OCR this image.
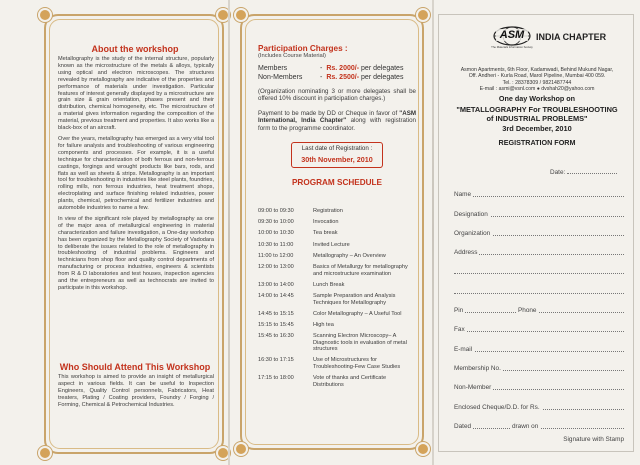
About the workshop

Metallography is the study of the internal structure, popularly known as the microstructure of the metals & alloys, typically using optical and electron microscopes. The structures revealed by metallography are indicative of the properties and performance of materials under investigation. Particular features of interest generally displayed by a microstructure are grain size & grain orientation, phases present and their distribution, chemical homogeneity, etc. The microstructure of a material gives information regarding the composition of the material, previous treatment and properties. It also works like a black-box of an aircraft.

Over the years, metallography has emerged as a very vital tool for failure analysis and troubleshooting of various engineering components and processes. For example, it is a useful technique for characterization of both ferrous and non-ferrous castings, forgings and wrought products like bars, rods, and flats as well as sheets & strips. Metallography is an important tool for troubleshooting in industries like steel plants, foundries, rolling mills, non ferrous industries, heat treatment shops, electroplating and surface finishing related industries, power plants, chemical, petrochemical and fertilizer industries and automobile industries to name a few.

In view of the significant role played by metallography as one of the major area of metallurgical engineering in material characterization and failure investigation, a One-day workshop has been organized by the Metallography Society of Vadodara to deliberate the issues related to the role of metallography in troubleshooting of industrial problems. Engineers and technicians from shop floor and quality control departments of manufacturing or process industries, engineers & scientists from R & D laboratories and test houses, inspection agencies and the entrepreneurs as well as technocrats are invited to participate in this workshop.

Who Should Attend This Workshop
This workshop is aimed to provide an insight of metallurgical aspect in various fields. It can be useful to Inspection Engineers, Quality Control personnels, Fabricators, Heat treaters, Plating / Coating providers, Foundry / Forging / Forming, Chemical & Petrochemical Industries.
Participation Charges :
(Includes Course Material)
Members	- Rs. 2000/- per delegates
Non-Members	- Rs. 2500/- per delegates
(Organization nominating 3 or more delegates shall be offered 10% discount in participation charges.)
Payment to be made by DD or Cheque in favor of "ASM International, India Chapter" along with registration form to the programme coordinator.
Last date of Registration :
30th November, 2010
PROGRAM SCHEDULE
09:00 to 09:30	Registration
09:30 to 10:00	Invocation
10:00 to 10:30	Tea break
10:30 to 11:00	Invited Lecture
11:00 to 12:00	Metallography – An Overview
12:00 to 13:00	Basics of Metallurgy for metallography and microstructure examination
13:00 to 14:00	Lunch Break
14:00 to 14:45	Sample Preparation and Analysis Techniques for Metallography
14:45 to 15:15	Color Metallography – A Useful Tool
15:15 to 15:45	High tea
15:45 to 16:30	Scanning Electron Microscopy– A Diagnostic tools in evaluation of metal structures
16:30 to 17:15	Use of Microstructures for Troubleshooting-Few Case Studies
17:15 to 18:00	Vote of thanks and Certificate Distributions
ASM
The Materials Information Society
INDIA CHAPTER
Asmon Apartments, 6th Floor, Kadamwadi, Behind Mukund Nagar,
Off. Andheri - Kurla Road, Marol Pipeline, Mumbai 400 059.
Tel. : 28378309 / 9821487744
E-mail : asmi@vsnl.com ● dvshah20@yahoo.com
One day Workshop on
"METALLOGRAPHY For TROUBLESHOOTING
of INDUSTRIAL PROBLEMS"
3rd December, 2010
REGISTRATION FORM
Date:
Name
Designation
Organization
Address
Pin	Phone
Fax
E-mail
Membership No.
Non-Member
Enclosed Cheque/D.D. for Rs.
Dated	drawn on
Signature with Stamp
